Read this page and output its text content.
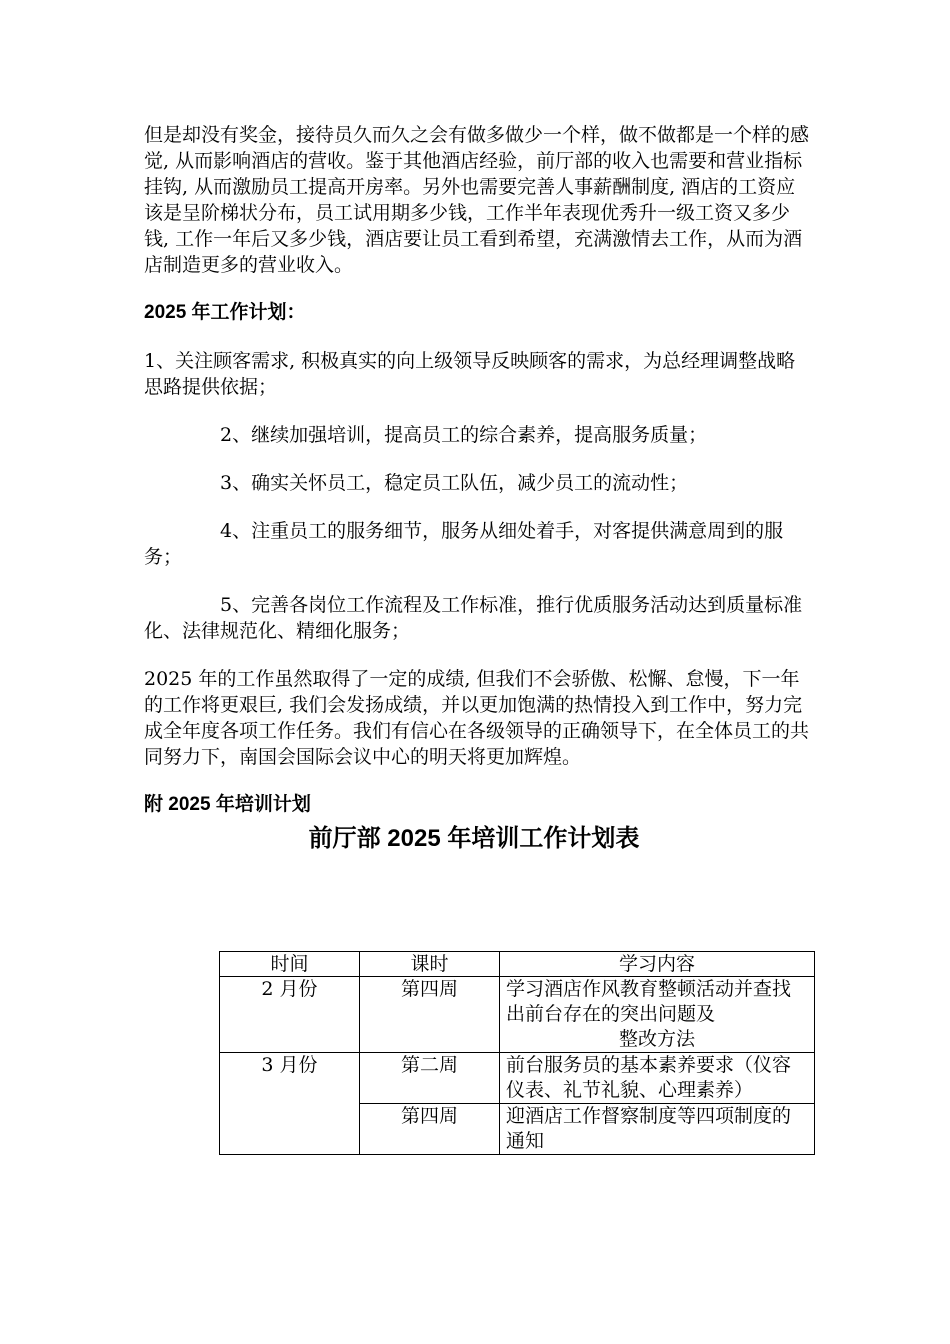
但是却没有奖金，接待员久而久之会有做多做少一个样，做不做都是一个样的感觉, 从而影响酒店的营收。鉴于其他酒店经验，前厅部的收入也需要和营业指标挂钩, 从而激励员工提高开房率。另外也需要完善人事薪酬制度, 酒店的工资应该是呈阶梯状分布，员工试用期多少钱，工作半年表现优秀升一级工资又多少钱, 工作一年后又多少钱，酒店要让员工看到希望，充满激情去工作，从而为酒店制造更多的营业收入。

2025 年工作计划：

1、关注顾客需求, 积极真实的向上级领导反映顾客的需求，为总经理调整战略思路提供依据；

2、继续加强培训，提高员工的综合素养，提高服务质量；

3、确实关怀员工，稳定员工队伍，减少员工的流动性；

4、注重员工的服务细节，服务从细处着手，对客提供满意周到的服务；

5、完善各岗位工作流程及工作标准，推行优质服务活动达到质量标准化、法律规范化、精细化服务；

2025 年的工作虽然取得了一定的成绩, 但我们不会骄傲、松懈、怠慢，下一年的工作将更艰巨, 我们会发扬成绩，并以更加饱满的热情投入到工作中，努力完成全年度各项工作任务。我们有信心在各级领导的正确领导下，在全体员工的共同努力下，南国会国际会议中心的明天将更加辉煌。

附 2025 年培训计划

前厅部 2025 年培训工作计划表

时间	课时	学习内容
2 月份	第四周	学习酒店作风教育整顿活动并查找出前台存在的突出问题及
整改方法

3 月份	第二周	前台服务员的基本素养要求（仪容仪表、礼节礼貌、心理素养）
	第四周	迎酒店工作督察制度等四项制度的通知
